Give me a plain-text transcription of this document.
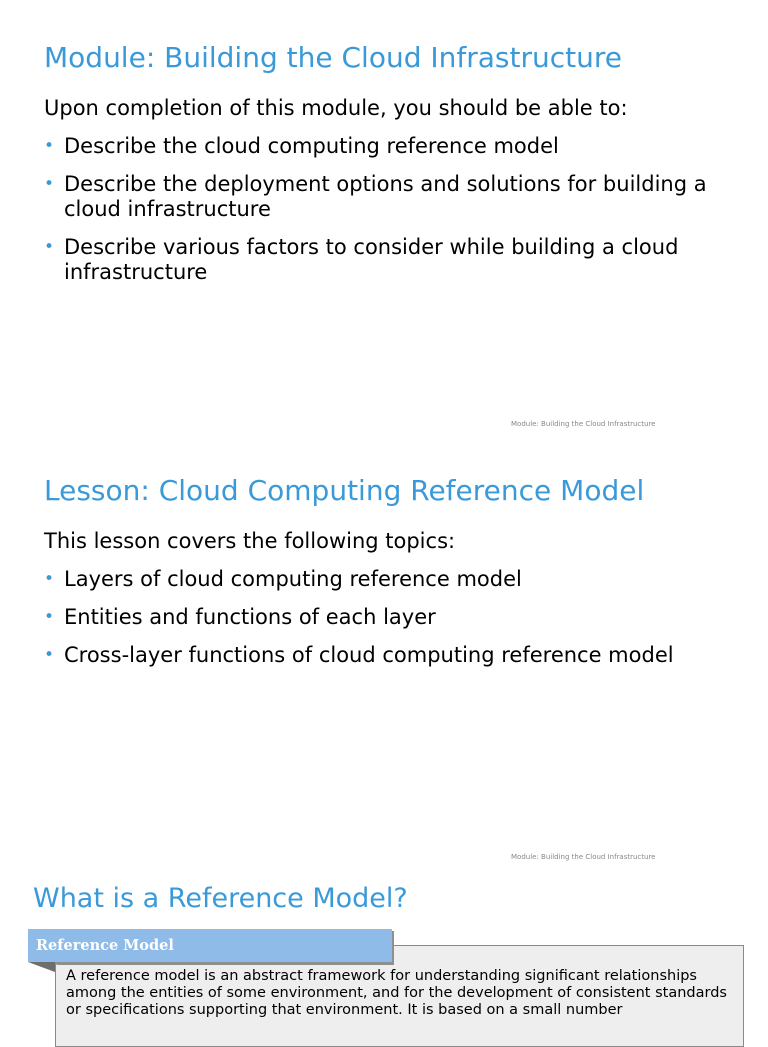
Module: Building the Cloud Infrastructure

Upon completion of this module, you should be able to:

• Describe the cloud computing reference model
• Describe the deployment options and solutions for building a cloud infrastructure
• Describe various factors to consider while building a cloud infrastructure
Module: Building the Cloud Infrastructure
Lesson: Cloud Computing Reference Model

This lesson covers the following topics:

• Layers of cloud computing reference model
• Entities and functions of each layer
• Cross-layer functions of cloud computing reference model
Module: Building the Cloud Infrastructure
What is a Reference Model?
A reference model is an abstract framework for understanding significant relationships among the entities of some environment, and for the development of consistent standards or specifications supporting that environment. It is based on a small number
Reference Model
